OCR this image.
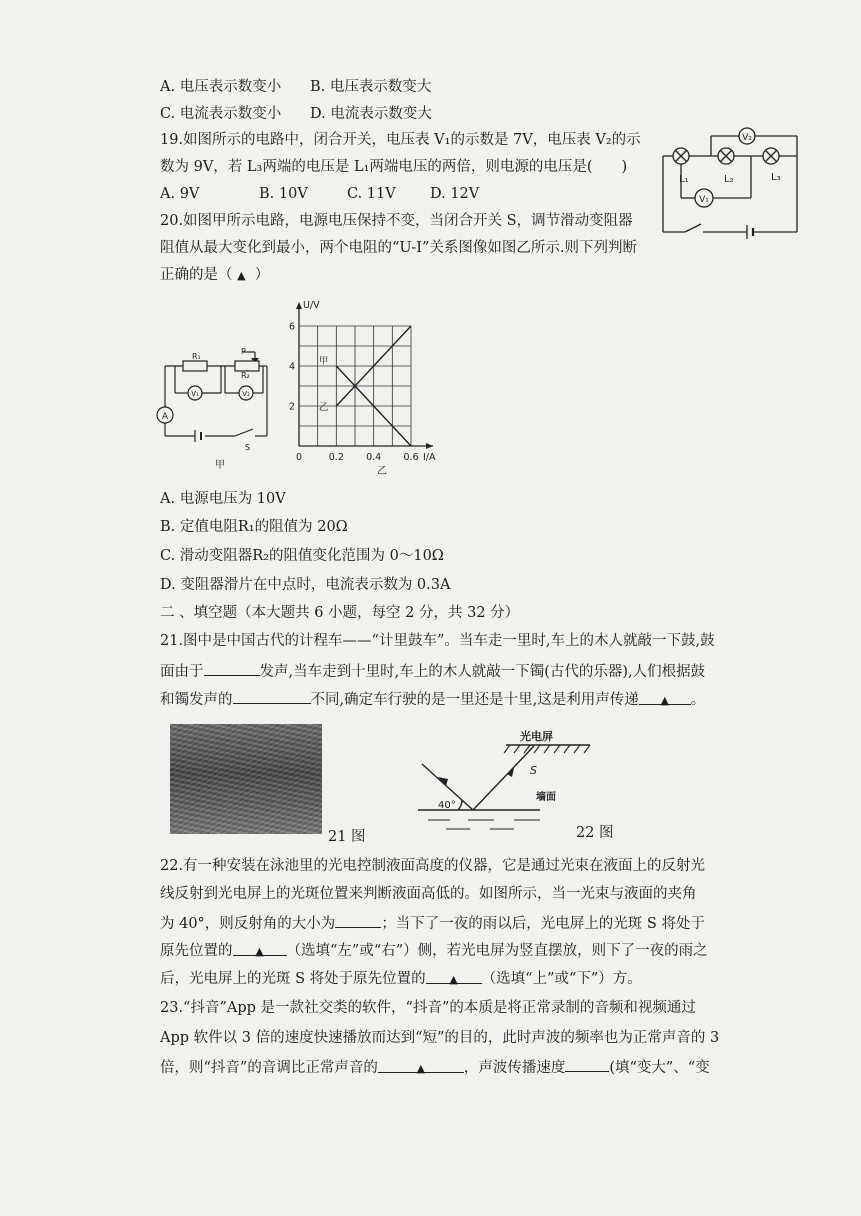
A. 电压表示数变小 B. 电压表示数变大
C. 电流表示数变小 D. 电流表示数变大
19.如图所示的电路中，闭合开关，电压表 V₁的示数是 7V，电压表 V₂的示
数为 9V，若 L₃两端的电压是 L₁两端电压的两倍，则电源的电压是(　　)
A. 9V	B. 10V	C. 11V D. 12V
V₂
V₁
L₁	L₂	L₃
20.如图甲所示电路，电源电压保持不变，当闭合开关 S，调节滑动变阻器
阻值从最大变化到最小，两个电阻的“U-I”关系图像如图乙所示.则下列判断
正确的是（ ▲ ）
R₁
R₂
P
V₁	V₂
A
S
甲
甲
乙
0	0.2 0.4 0.6
2
4
6
U/V
I/A
乙
A. 电源电压为 10V
B. 定值电阻R₁的阻值为 20Ω
C. 滑动变阻器R₂的阻值变化范围为 0～10Ω
D. 变阻器滑片在中点时，电流表示数为 0.3A
二 、填空题（本大题共 6 小题，每空 2 分，共 32 分）
21.图中是中国古代的计程车——“计里鼓车”。当车走一里时,车上的木人就敲一下鼓,鼓
面由于	发声,当车走到十里时,车上的木人就敲一下镯(古代的乐器),人们根据鼓
和镯发声的	不同,确定车行驶的是一里还是十里,这是利用声传递 ▲ 。
21 图
光电屏
S
40°
墙面
22 图
22.有一种安装在泳池里的光电控制液面高度的仪器，它是通过光束在液面上的反射光
线反射到光电屏上的光斑位置来判断液面高低的。如图所示，当一光束与液面的夹角
为 40°，则反射角的大小为	；当下了一夜的雨以后，光电屏上的光斑 S 将处于
原先位置的 ▲ （选填“左”或“右”）侧，若光电屏为竖直摆放，则下了一夜的雨之
后，光电屏上的光斑 S 将处于原先位置的 ▲ （选填“上”或“下”）方。
23.“抖音”App 是一款社交类的软件，“抖音”的本质是将正常录制的音频和视频通过
App 软件以 3 倍的速度快速播放而达到“短”的目的，此时声波的频率也为正常声音的 3
倍，则“抖音”的音调比正常声音的	▲	，声波传播速度	(填“变大”、“变
